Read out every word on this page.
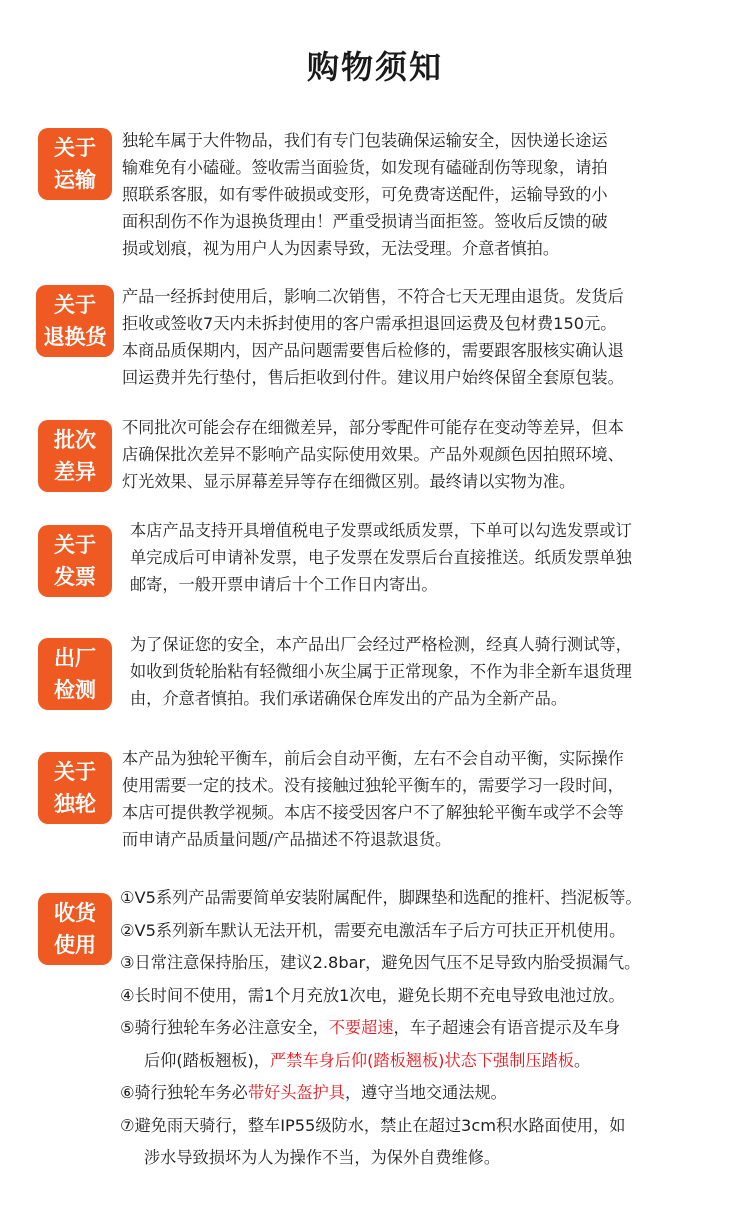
购物须知
关于
运输
独轮车属于大件物品，我们有专门包装确保运输安全，因快递长途运
输难免有小磕碰。签收需当面验货，如发现有磕碰刮伤等现象，请拍
照联系客服，如有零件破损或变形，可免费寄送配件，运输导致的小
面积刮伤不作为退换货理由！严重受损请当面拒签。签收后反馈的破
损或划痕，视为用户人为因素导致，无法受理。介意者慎拍。
关于
退换货
产品一经拆封使用后，影响二次销售，不符合七天无理由退货。发货后
拒收或签收7天内未拆封使用的客户需承担退回运费及包材费150元。
本商品质保期内，因产品问题需要售后检修的，需要跟客服核实确认退
回运费并先行垫付，售后拒收到付件。建议用户始终保留全套原包装。
批次
差异
不同批次可能会存在细微差异，部分零配件可能存在变动等差异，但本
店确保批次差异不影响产品实际使用效果。产品外观颜色因拍照环境、
灯光效果、显示屏幕差异等存在细微区别。最终请以实物为准。
关于
发票
本店产品支持开具增值税电子发票或纸质发票，下单可以勾选发票或订
单完成后可申请补发票，电子发票在发票后台直接推送。纸质发票单独
邮寄，一般开票申请后十个工作日内寄出。
出厂
检测
为了保证您的安全，本产品出厂会经过严格检测，经真人骑行测试等，
如收到货轮胎粘有轻微细小灰尘属于正常现象，不作为非全新车退货理
由，介意者慎拍。我们承诺确保仓库发出的产品为全新产品。
关于
独轮
本产品为独轮平衡车，前后会自动平衡，左右不会自动平衡，实际操作
使用需要一定的技术。没有接触过独轮平衡车的，需要学习一段时间，
本店可提供教学视频。本店不接受因客户不了解独轮平衡车或学不会等
而申请产品质量问题/产品描述不符退款退货。
收货
使用
①V5系列产品需要简单安装附属配件，脚踝垫和选配的推杆、挡泥板等。
②V5系列新车默认无法开机，需要充电激活车子后方可扶正开机使用。
③日常注意保持胎压，建议2.8bar，避免因气压不足导致内胎受损漏气。
④长时间不使用，需1个月充放1次电，避免长期不充电导致电池过放。
⑤骑行独轮车务必注意安全，不要超速，车子超速会有语音提示及车身
后仰(踏板翘板)，严禁车身后仰(踏板翘板)状态下强制压踏板。
⑥骑行独轮车务必带好头盔护具，遵守当地交通法规。
⑦避免雨天骑行，整车IP55级防水，禁止在超过3cm积水路面使用，如
涉水导致损坏为人为操作不当，为保外自费维修。
